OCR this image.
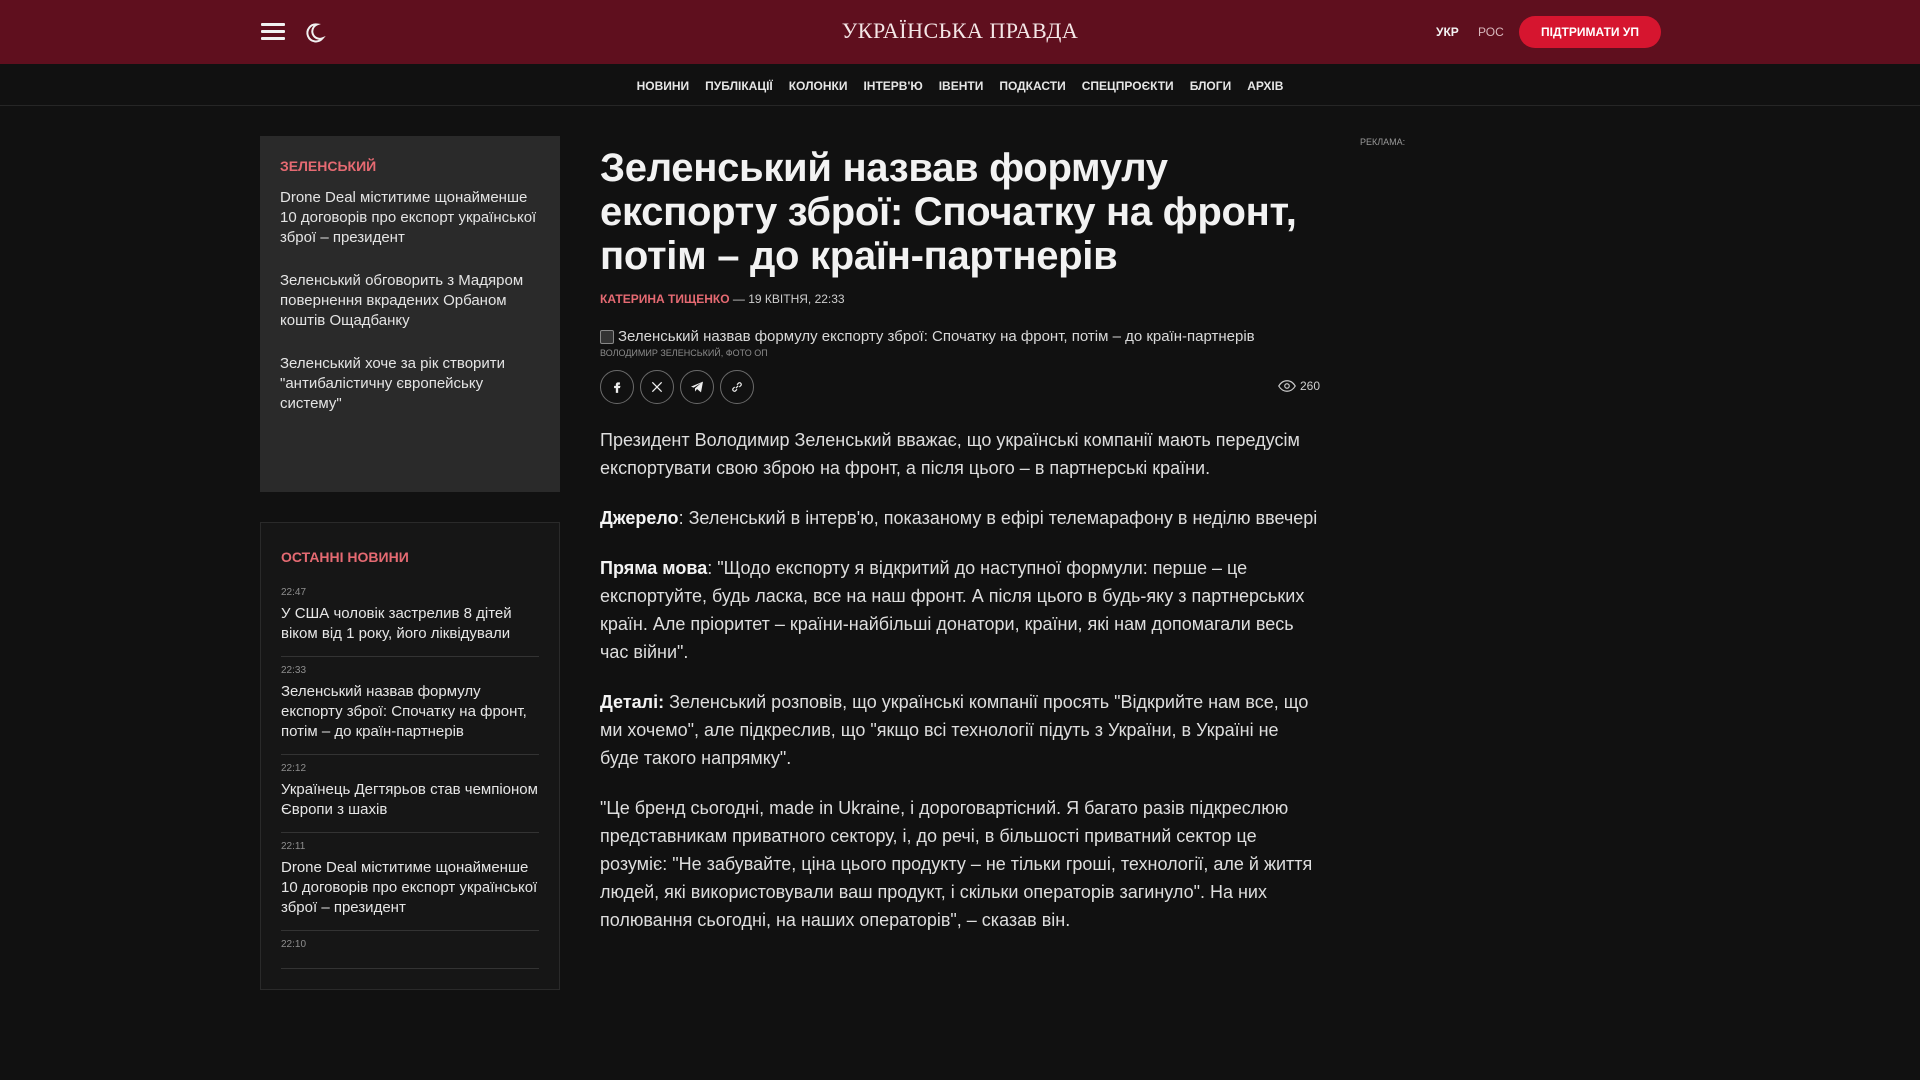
УКРАЇНСЬКА ПРАВДА	УКР РОС	ПІДТРИМАТИ УП
НОВИНИ ПУБЛІКАЦІЇ КОЛОНКИ ІНТЕРВ'Ю ІВЕНТИ ПОДКАСТИ СПЕЦПРОЄКТИ БЛОГИ АРХІВ
ЗЕЛЕНСЬКИЙ
Drone Deal міститиме щонайменше 10 договорів про експорт української зброї – президент
Зеленський обговорить з Мадяром повернення вкрадених Орбаном коштів Ощадбанку
Зеленський хоче за рік створити "антибалістичну європейську систему"
ОСТАННІ НОВИНИ
22:47
У США чоловік застрелив 8 дітей віком від 1 року, його ліквідували
22:33
Зеленський назвав формулу експорту зброї: Спочатку на фронт, потім – до країн-партнерів
22:12
Українець Дегтярьов став чемпіоном Європи з шахів
22:11
Drone Deal міститиме щонайменше 10 договорів про експорт української зброї – президент
22:10
Зеленський назвав формулу експорту зброї: Спочатку на фронт, потім – до країн-партнерів
КАТЕРИНА ТИЩЕНКО — 19 КВІТНЯ, 22:33
Зеленський назвав формулу експорту зброї: Спочатку на фронт, потім – до країн-партнерів
ВОЛОДИМИР ЗЕЛЕНСЬКИЙ, ФОТО ОП
260

Президент Володимир Зеленський вважає, що українські компанії мають передусім експортувати свою зброю на фронт, а після цього – в партнерські країни.

Джерело: Зеленський в інтерв'ю, показаному в ефірі телемарафону в неділю ввечері

Пряма мова: "Щодо експорту я відкритий до наступної формули: перше – це експортуйте, будь ласка, все на наш фронт. А після цього в будь-яку з партнерських країн. Але пріоритет – країни-найбільші донатори, країни, які нам допомагали весь час війни".

Деталі: Зеленський розповів, що українські компанії просять "Відкрийте нам все, що ми хочемо", але підкреслив, що "якщо всі технології підуть з України, в Україні не буде такого напрямку".

"Це бренд сьогодні, made in Ukraine, і дороговартісний. Я багато разів підкреслюю представникам приватного сектору, і, до речі, в більшості приватний сектор це розуміє: "Не забувайте, ціна цього продукту – не тільки гроші, технології, але й життя людей, які використовували ваш продукт, і скільки операторів загинуло". На них полювання сьогодні, на наших операторів", – сказав він.

РЕКЛАМА:
